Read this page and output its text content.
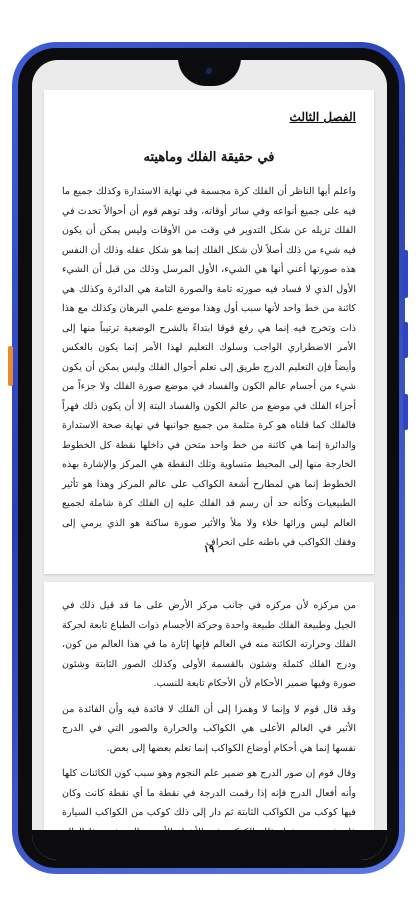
الفصل الثالث
في حقيقة الفلك وماهيته

واعلم أيها الناظر أن الفلك كرة مجسمة في نهاية الاستدارة وكذلك جميع ما فيه على جميع أنواعه وفي سائر أوقاته، وقد توهم قوم أن أحوالاً تحدث في الفلك تزيله عن شكل التدوير في وقت من الأوقات وليس يمكن أن يكون فيه شيء من ذلك أصلاً لأن شكل الفلك إنما هو شكل عقله وذلك أن النفس هذه صورتها أعني أنها هي الشيء، الأول المرسل وذلك من قبل أن الشيء الأول الذي لا فساد فيه صورته تامة والصورة التامة هي الدائرة وكذلك هي كائنة من خط واحد لأنها سبب أول وهذا موضع علمي البرهان وكذلك مع هذا ذات وتخرج فيه إنما هي رفع فوقا ابتداءً بالشرح الوضعية ترتيباً منها إلى الأمر الاضطراري الواجب وسلوك التعليم لهذا الأمر إنما يكون بالعكس وأيضاً فإن التعليم الدرج طريق إلى تعلم أحوال الفلك وليس يمكن أن يكون شيء من أجسام عالم الكون والفساد في موضع صورة الفلك ولا جزءاً من أجزاء الفلك في موضع من عالم الكون والفساد البتة إلا أن يكون ذلك فهراً فالفلك كما قلناه هو كرة مثلمة من جميع جوانبها في نهاية صحة الاستدارة والدائرة إنما هي كائنة من خط واحد متحن في داخلها نقطة كل الخطوط الخارجة منها إلى المحيط متساوية وتلك النقطة هي المركز والإشارة بهذه الخطوط إنما هي لمطارح أشعة الكواكب على عالم المركز وهذا هو تأثير الطبيعيات وكأنه حد أن رسم قد الفلك عليه إن الفلك كرة شاملة لجميع العالم ليس ورائها خلاء ولا ملأ والأثير صورة ساكنة هو الذي يرمي إلى وفقك الكواكب في باطنه على انحراف

١٩

من مركزه لأن مركزه في جانب مركز الأرض على ما قد قيل ذلك في الجيل وطبيعة الفلك طبيعة واحدة وحركة الأجسام ذوات الطباع تابعة لحركة الفلك وحرارته الكائنة منه في العالم فإنها إثارة ما في هذا العالم من كون، ودرج الفلك كثملة وشئون بالقسمة الأولى وكذلك الصور الثابتة وشئون صورة وفيها ضمير الأحكام لأن الأحكام تابعة للنسب.

وقد قال قوم لا وإنما لا وهمزا إلى أن الفلك لا فائدة فيه وأن الفائدة من الأثير في العالم الأعلى هي الكواكب والحرارة والصور التي في الدرج نفسها إنما هي أحكام أوضاع الكواكب إنما تعلم بعضها إلى بعض.

وقال قوم إن صور الدرج هو ضمير علم النجوم وهو سبب كون الكائنات كلها وأنه أفعال الدرج فإنه إذا رقمت الدرجة في نقطة ما أي نقطة كانت وكان فيها كوكب من الكواكب الثابتة ثم دار إلى ذلك كوكب من الكواكب السيارة
